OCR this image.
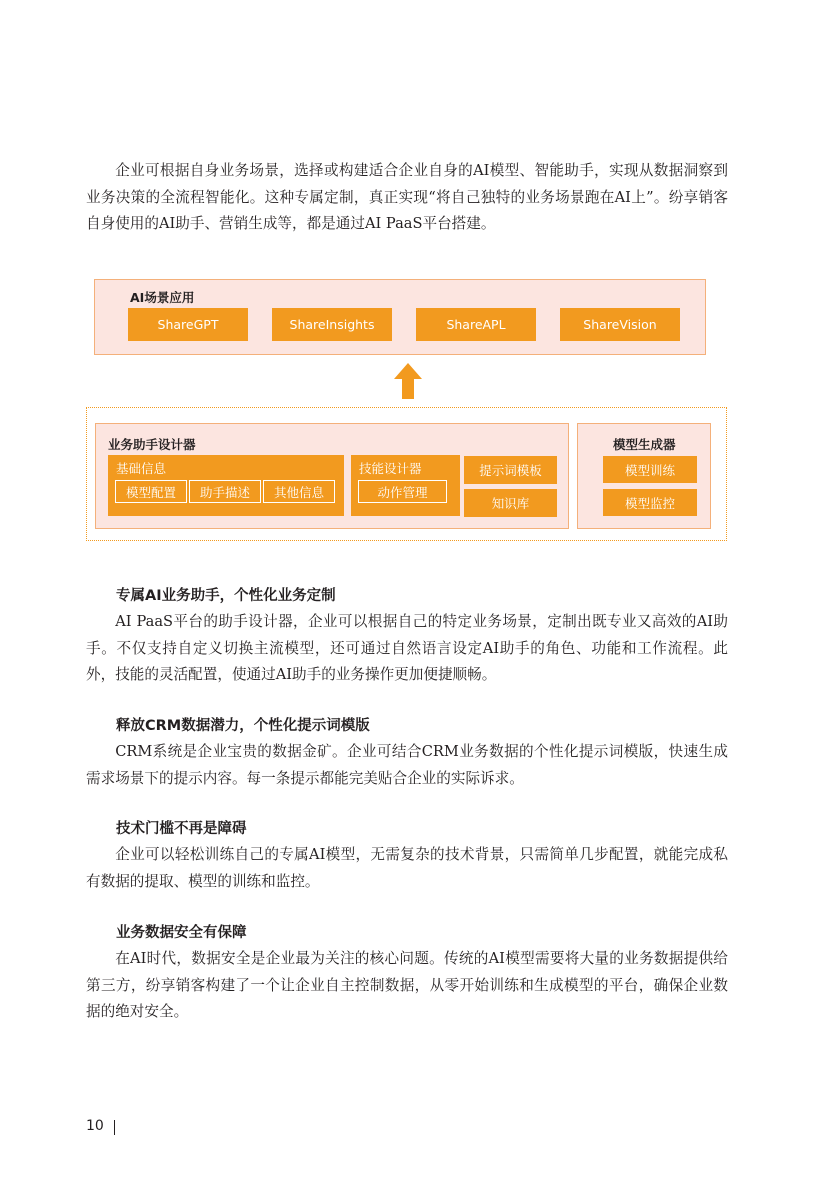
企业可根据自身业务场景，选择或构建适合企业自身的AI模型、智能助手，实现从数据洞察到业务决策的全流程智能化。这种专属定制，真正实现“将自己独特的业务场景跑在AI上”。纷享销客自身使用的AI助手、营销生成等，都是通过AI PaaS平台搭建。

AI场景应用
ShareGPT	ShareInsights	ShareAPL	ShareVision
业务助手设计器
基础信息
模型配置	助手描述	其他信息
技能设计器
动作管理
提示词模板
知识库
模型生成器
模型训练
模型监控
专属AI业务助手，个性化业务定制

AI PaaS平台的助手设计器，企业可以根据自己的特定业务场景，定制出既专业又高效的AI助手。不仅支持自定义切换主流模型，还可通过自然语言设定AI助手的角色、功能和工作流程。此外，技能的灵活配置，使通过AI助手的业务操作更加便捷顺畅。

释放CRM数据潜力，个性化提示词模版

CRM系统是企业宝贵的数据金矿。企业可结合CRM业务数据的个性化提示词模版，快速生成需求场景下的提示内容。每一条提示都能完美贴合企业的实际诉求。

技术门槛不再是障碍

企业可以轻松训练自己的专属AI模型，无需复杂的技术背景，只需简单几步配置，就能完成私有数据的提取、模型的训练和监控。

业务数据安全有保障

在AI时代，数据安全是企业最为关注的核心问题。传统的AI模型需要将大量的业务数据提供给第三方，纷享销客构建了一个让企业自主控制数据，从零开始训练和生成模型的平台，确保企业数据的绝对安全。

10
